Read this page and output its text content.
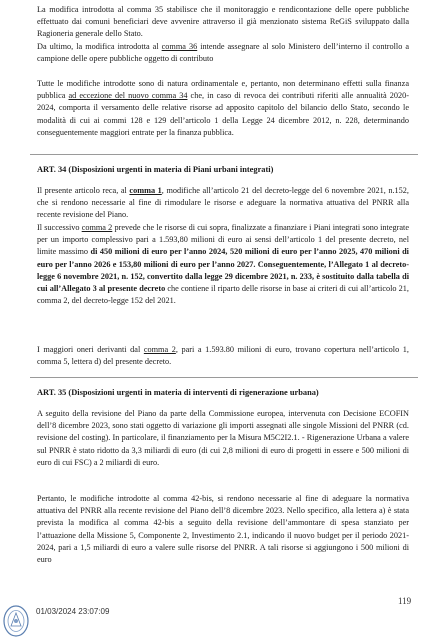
La modifica introdotta al comma 35 stabilisce che il monitoraggio e rendicontazione delle opere pubbliche effettuato dai comuni beneficiari deve avvenire attraverso il già menzionato sistema ReGiS sviluppato dalla Ragioneria generale dello Stato.

Da ultimo, la modifica introdotta al comma 36 intende assegnare al solo Ministero dell’interno il controllo a campione delle opere pubbliche oggetto di contributo

Tutte le modifiche introdotte sono di natura ordinamentale e, pertanto, non determinano effetti sulla finanza pubblica ad eccezione del nuovo comma 34 che, in caso di revoca dei contributi riferiti alle annualità 2020-2024, comporta il versamento delle relative risorse ad apposito capitolo del bilancio dello Stato, secondo le modalità di cui ai commi 128 e 129 dell’articolo 1 della Legge 24 dicembre 2012, n. 228, determinando conseguentemente maggiori entrate per la finanza pubblica.

ART. 34 (Disposizioni urgenti in materia di Piani urbani integrati)

Il presente articolo reca, al comma 1, modifiche all’articolo 21 del decreto-legge del 6 novembre 2021, n.152, che si rendono necessarie al fine di rimodulare le risorse e adeguare la normativa attuativa del PNRR alla recente revisione del Piano.

Il successivo comma 2 prevede che le risorse di cui sopra, finalizzate a finanziare i Piani integrati sono integrate per un importo complessivo pari a 1.593,80 milioni di euro ai sensi dell’articolo 1 del presente decreto, nel limite massimo di 450 milioni di euro per l’anno 2024, 520 milioni di euro per l’anno 2025, 470 milioni di euro per l’anno 2026 e 153,80 milioni di euro per l’anno 2027. Conseguentemente, l’Allegato 1 al decreto-legge 6 novembre 2021, n. 152, convertito dalla legge 29 dicembre 2021, n. 233, è sostituito dalla tabella di cui all’Allegato 3 al presente decreto che contiene il riparto delle risorse in base ai criteri di cui all’articolo 21, comma 2, del decreto-legge 152 del 2021.

I maggiori oneri derivanti dal comma 2, pari a 1.593.80 milioni di euro, trovano copertura nell’articolo 1, comma 5, lettera d) del presente decreto.

ART. 35 (Disposizioni urgenti in materia di interventi di rigenerazione urbana)

A seguito della revisione del Piano da parte della Commissione europea, intervenuta con Decisione ECOFIN dell’8 dicembre 2023, sono stati oggetto di variazione gli importi assegnati alle singole Missioni del PNRR (cd. revisione del costing). In particolare, il finanziamento per la Misura M5C2I2.1. - Rigenerazione Urbana a valere sul PNRR è stato ridotto da 3,3 miliardi di euro (di cui 2,8 milioni di euro di progetti in essere e 500 milioni di euro di cui FSC) a 2 miliardi di euro.

Pertanto, le modifiche introdotte al comma 42-bis, si rendono necessarie al fine di adeguare la normativa attuativa del PNRR alla recente revisione del Piano dell’8 dicembre 2023. Nello specifico, alla lettera a) è stata prevista la modifica al comma 42-bis a seguito della revisione dell’ammontare di spesa stanziato per l’attuazione della Missione 5, Componente 2, Investimento 2.1, indicando il nuovo budget per il periodo 2021-2024, pari a 1,5 miliardi di euro a valere sulle risorse del PNRR. A tali risorse si aggiungono i 500 milioni di euro

119
01/03/2024 23:07:09
